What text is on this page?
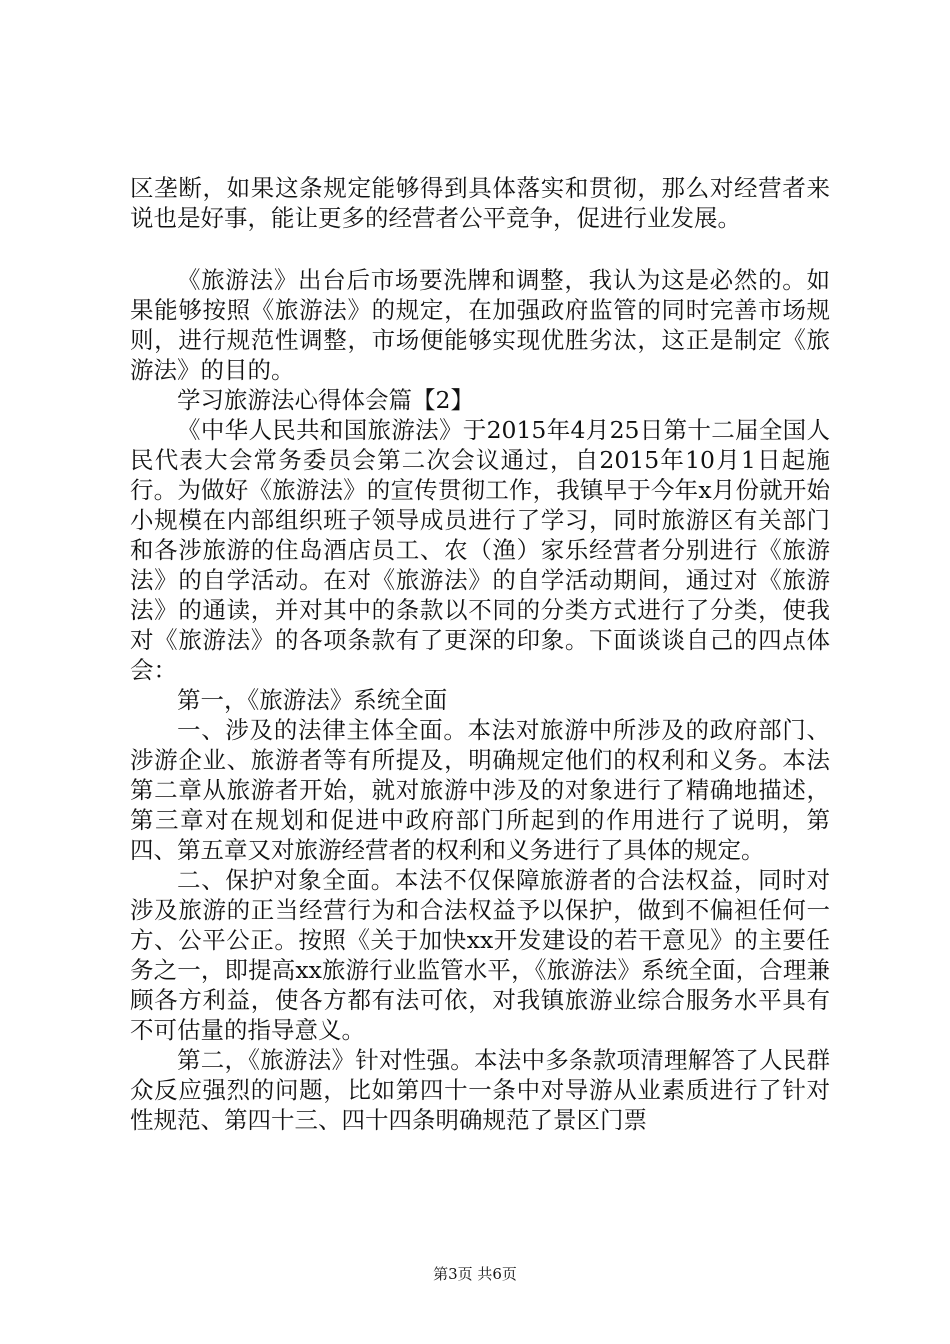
区垄断，如果这条规定能够得到具体落实和贯彻，那么对经营者来说也是好事，能让更多的经营者公平竞争，促进行业发展。

《旅游法》出台后市场要洗牌和调整，我认为这是必然的。如果能够按照《旅游法》的规定，在加强政府监管的同时完善市场规则，进行规范性调整，市场便能够实现优胜劣汰，这正是制定《旅游法》的目的。

学习旅游法心得体会篇【2】

《中华人民共和国旅游法》于2015年4月25日第十二届全国人民代表大会常务委员会第二次会议通过，自2015年10月1日起施行。为做好《旅游法》的宣传贯彻工作，我镇早于今年x月份就开始小规模在内部组织班子领导成员进行了学习，同时旅游区有关部门和各涉旅游的住岛酒店员工、农（渔）家乐经营者分别进行《旅游法》的自学活动。在对《旅游法》的自学活动期间，通过对《旅游法》的通读，并对其中的条款以不同的分类方式进行了分类，使我对《旅游法》的各项条款有了更深的印象。下面谈谈自己的四点体会：

第一，《旅游法》系统全面

一、涉及的法律主体全面。本法对旅游中所涉及的政府部门、涉游企业、旅游者等有所提及，明确规定他们的权利和义务。本法第二章从旅游者开始，就对旅游中涉及的对象进行了精确地描述，第三章对在规划和促进中政府部门所起到的作用进行了说明，第四、第五章又对旅游经营者的权利和义务进行了具体的规定。

二、保护对象全面。本法不仅保障旅游者的合法权益，同时对涉及旅游的正当经营行为和合法权益予以保护，做到不偏袒任何一方、公平公正。按照《关于加快xx开发建设的若干意见》的主要任务之一，即提高xx旅游行业监管水平，《旅游法》系统全面，合理兼顾各方利益，使各方都有法可依，对我镇旅游业综合服务水平具有不可估量的指导意义。

第二，《旅游法》针对性强。本法中多条款项清理解答了人民群众反应强烈的问题，比如第四十一条中对导游从业素质进行了针对性规范、第四十三、四十四条明确规范了景区门票

第3页 共6页
